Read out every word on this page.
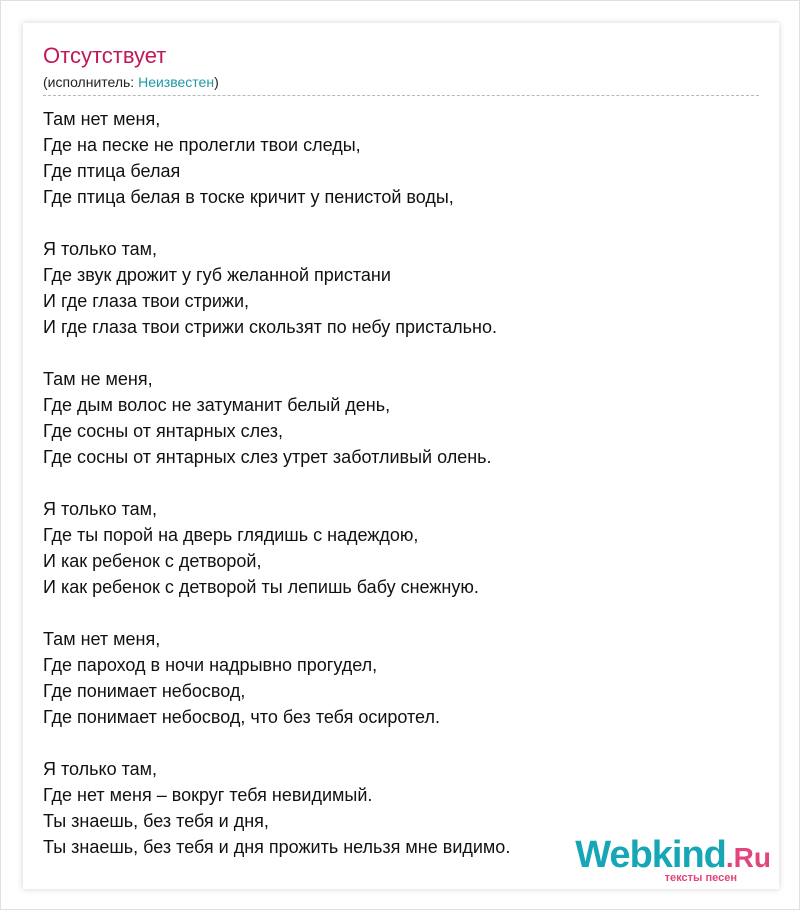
Отсутствует

(исполнитель: Неизвестен)

Там нет меня,
Где на песке не пролегли твои следы,
Где птица белая
Где птица белая в тоске кричит у пенистой воды,
Я только там,
Где звук дрожит у губ желанной пристани
И где глаза твои стрижи,
И где глаза твои стрижи скользят по небу пристально.
Там не меня,
Где дым волос не затуманит белый день,
Где сосны от янтарных слез,
Где сосны от янтарных слез утрет заботливый олень.
Я только там,
Где ты порой на дверь глядишь с надеждою,
И как ребенок с детворой,
И как ребенок с детворой ты лепишь бабу снежную.
Там нет меня,
Где пароход в ночи надрывно прогудел,
Где понимает небосвод,
Где понимает небосвод, что без тебя осиротел.
Я только там,
Где нет меня – вокруг тебя невидимый.
Ты знаешь, без тебя и дня,
Ты знаешь, без тебя и дня прожить нельзя мне видимо.	Webkind.Ru
тексты песен
